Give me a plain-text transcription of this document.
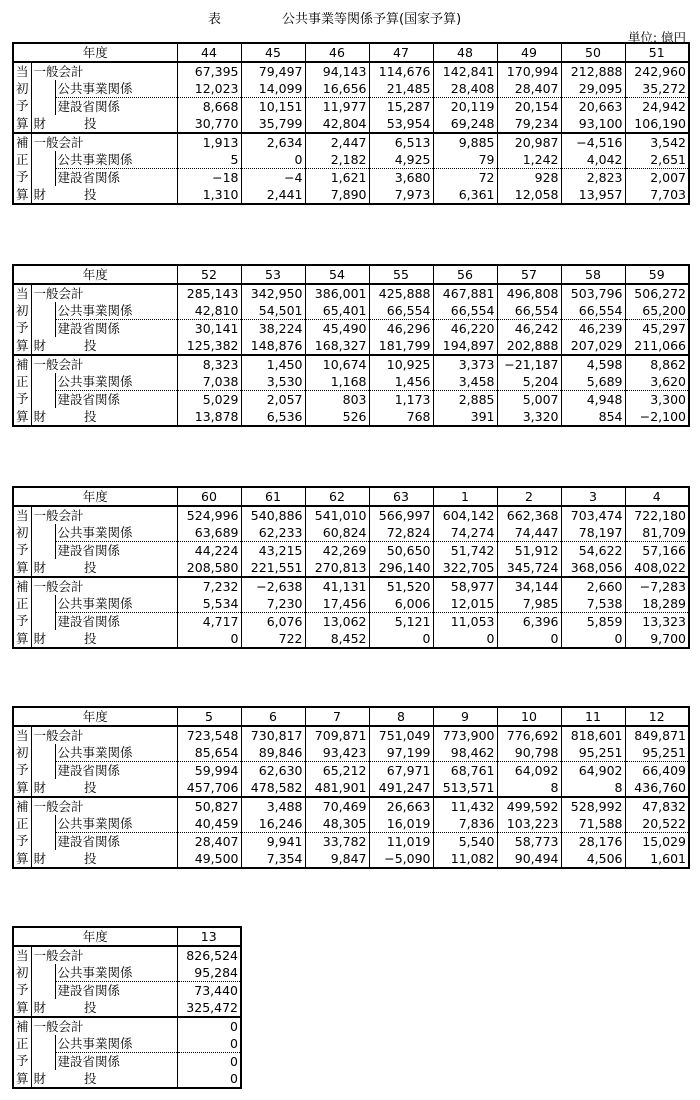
表	公共事業等関係予算(国家予算)
単位: 億円
年度			44	45	46	47	48	49	50	51
当	一般会計		67,395	79,497	94,143	114,676	142,841	170,994	212,888	242,960
初		公共事業関係	12,023	14,099	16,656	21,485	28,408	28,407	29,095	35,272
予		建設省関係	8,668	10,151	11,977	15,287	20,119	20,154	20,663	24,942
算	財 投		30,770	35,799	42,804	53,954	69,248	79,234	93,100	106,190
補	一般会計		1,913	2,634	2,447	6,513	9,885	20,987	−4,516	3,542
正		公共事業関係	5	0	2,182	4,925	79	1,242	4,042	2,651
予		建設省関係	−18	−4	1,621	3,680	72	928	2,823	2,007
算	財 投		1,310	2,441	7,890	7,973	6,361	12,058	13,957	7,703
年度			52	53	54	55	56	57	58	59
当	一般会計		285,143	342,950	386,001	425,888	467,881	496,808	503,796	506,272
初		公共事業関係	42,810	54,501	65,401	66,554	66,554	66,554	66,554	65,200
予		建設省関係	30,141	38,224	45,490	46,296	46,220	46,242	46,239	45,297
算	財 投		125,382	148,876	168,327	181,799	194,897	202,888	207,029	211,066
補	一般会計		8,323	1,450	10,674	10,925	3,373	−21,187	4,598	8,862
正		公共事業関係	7,038	3,530	1,168	1,456	3,458	5,204	5,689	3,620
予		建設省関係	5,029	2,057	803	1,173	2,885	5,007	4,948	3,300
算	財 投		13,878	6,536	526	768	391	3,320	854	−2,100
年度			60	61	62	63	1	2	3	4
当	一般会計		524,996	540,886	541,010	566,997	604,142	662,368	703,474	722,180
初		公共事業関係	63,689	62,233	60,824	72,824	74,274	74,447	78,197	81,709
予		建設省関係	44,224	43,215	42,269	50,650	51,742	51,912	54,622	57,166
算	財 投		208,580	221,551	270,813	296,140	322,705	345,724	368,056	408,022
補	一般会計		7,232	−2,638	41,131	51,520	58,977	34,144	2,660	−7,283
正		公共事業関係	5,534	7,230	17,456	6,006	12,015	7,985	7,538	18,289
予		建設省関係	4,717	6,076	13,062	5,121	11,053	6,396	5,859	13,323
算	財 投		0	722	8,452	0	0	0	0	9,700
年度			5	6	7	8	9	10	11	12
当	一般会計		723,548	730,817	709,871	751,049	773,900	776,692	818,601	849,871
初		公共事業関係	85,654	89,846	93,423	97,199	98,462	90,798	95,251	95,251
予		建設省関係	59,994	62,630	65,212	67,971	68,761	64,092	64,902	66,409
算	財 投		457,706	478,582	481,901	491,247	513,571	8	8	436,760
補	一般会計		50,827	3,488	70,469	26,663	11,432	499,592	528,992	47,832
正		公共事業関係	40,459	16,246	48,305	16,019	7,836	103,223	71,588	20,522
予		建設省関係	28,407	9,941	33,782	11,019	5,540	58,773	28,176	15,029
算	財 投		49,500	7,354	9,847	−5,090	11,082	90,494	4,506	1,601
年度			13
当	一般会計		826,524
初		公共事業関係	95,284
予		建設省関係	73,440
算	財 投		325,472
補	一般会計		0
正		公共事業関係	0
予		建設省関係	0
算	財 投		0
